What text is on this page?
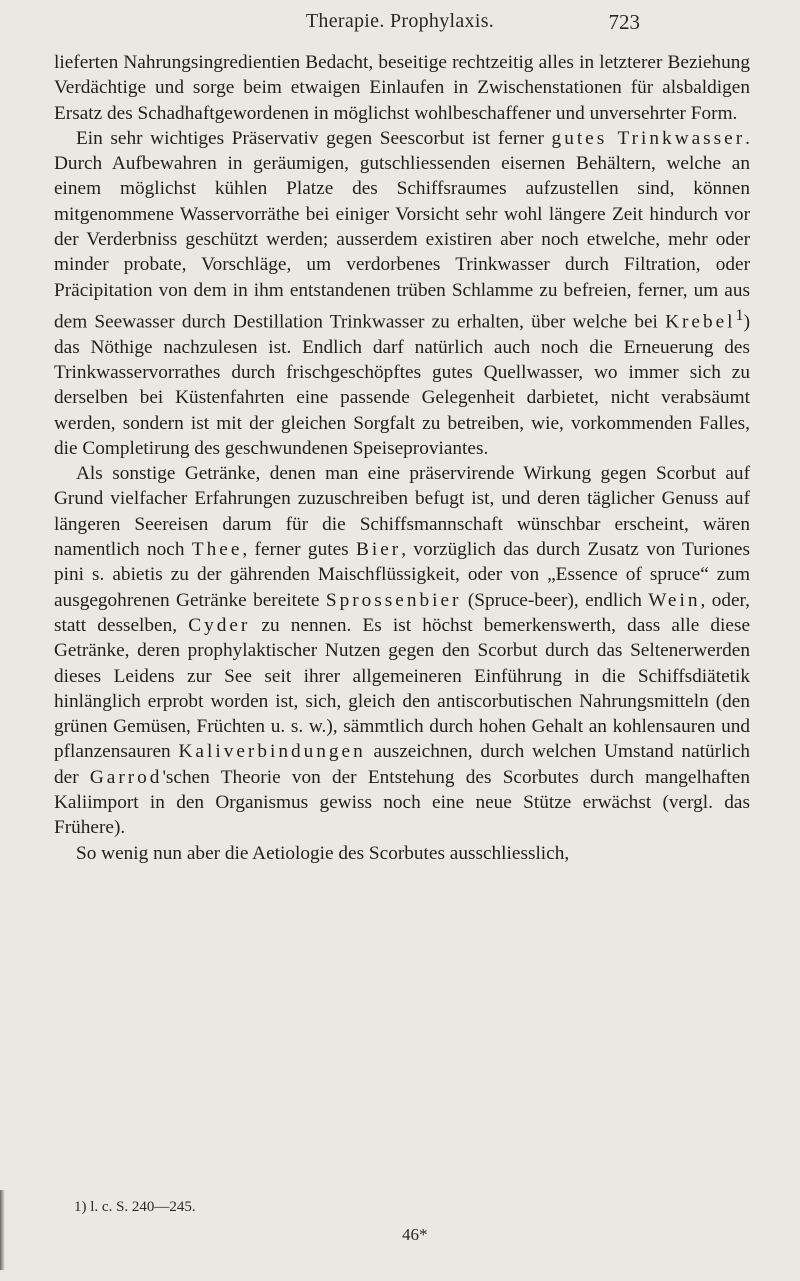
Therapie. Prophylaxis.	723

lieferten Nahrungsingredientien Bedacht, beseitige rechtzeitig alles in letzterer Beziehung Verdächtige und sorge beim etwaigen Einlaufen in Zwischenstationen für alsbaldigen Ersatz des Schadhaftgewordenen in möglichst wohlbeschaffener und unversehrter Form.

Ein sehr wichtiges Präservativ gegen Seescorbut ist ferner gutes Trinkwasser. Durch Aufbewahren in geräumigen, gutschliessenden eisernen Behältern, welche an einem möglichst kühlen Platze des Schiffsraumes aufzustellen sind, können mitgenommene Wasservorräthe bei einiger Vorsicht sehr wohl längere Zeit hindurch vor der Verderbniss geschützt werden; ausserdem existiren aber noch etwelche, mehr oder minder probate, Vorschläge, um verdorbenes Trinkwasser durch Filtration, oder Präcipitation von dem in ihm entstandenen trüben Schlamme zu befreien, ferner, um aus dem Seewasser durch Destillation Trinkwasser zu erhalten, über welche bei Krebel$^1$) das Nöthige nachzulesen ist. Endlich darf natürlich auch noch die Erneuerung des Trinkwasservorrathes durch frischgeschöpftes gutes Quellwasser, wo immer sich zu derselben bei Küstenfahrten eine passende Gelegenheit darbietet, nicht verabsäumt werden, sondern ist mit der gleichen Sorgfalt zu betreiben, wie, vorkommenden Falles, die Completirung des geschwundenen Speiseproviantes.

Als sonstige Getränke, denen man eine präservirende Wirkung gegen Scorbut auf Grund vielfacher Erfahrungen zuzuschreiben befugt ist, und deren täglicher Genuss auf längeren Seereisen darum für die Schiffsmannschaft wünschbar erscheint, wären namentlich noch Thee, ferner gutes Bier, vorzüglich das durch Zusatz von Turiones pini s. abietis zu der gährenden Maischflüssigkeit, oder von „Essence of spruce“ zum ausgegohrenen Getränke bereitete Sprossenbier (Spruce-beer), endlich Wein, oder, statt desselben, Cyder zu nennen. Es ist höchst bemerkenswerth, dass alle diese Getränke, deren prophylaktischer Nutzen gegen den Scorbut durch das Seltenerwerden dieses Leidens zur See seit ihrer allgemeineren Einführung in die Schiffsdiätetik hinlänglich erprobt worden ist, sich, gleich den antiscorbutischen Nahrungsmitteln (den grünen Gemüsen, Früchten u. s. w.), sämmtlich durch hohen Gehalt an kohlensauren und pflanzensauren Kaliverbindungen auszeichnen, durch welchen Umstand natürlich der Garrod'schen Theorie von der Entstehung des Scorbutes durch mangelhaften Kaliimport in den Organismus gewiss noch eine neue Stütze erwächst (vergl. das Frühere).

So wenig nun aber die Aetiologie des Scorbutes ausschliesslich,

1) l. c. S. 240—245.
46*
